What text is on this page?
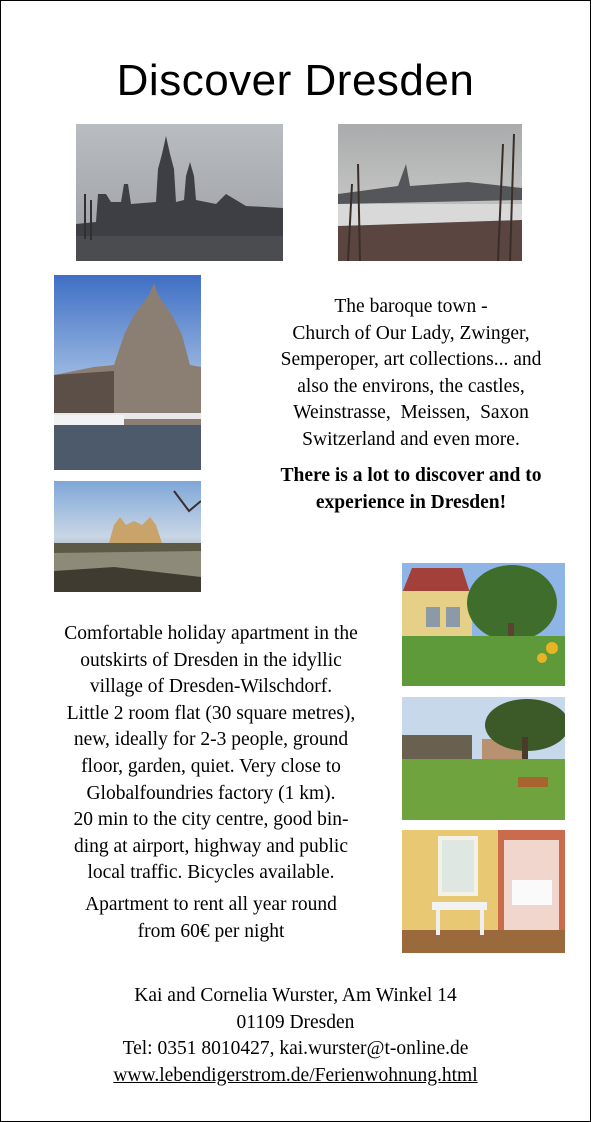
Discover Dresden
The baroque town -
Church of Our Lady, Zwinger,
Semperoper, art collections... and
also the environs, the castles,
Weinstrasse,  Meissen,  Saxon
Switzerland and even more.
There is a lot to discover and to
experience in Dresden!
Comfortable holiday apartment in the
outskirts of Dresden in the idyllic
village of Dresden-Wilschdorf.
Little 2 room flat (30 square metres),
new, ideally for 2-3 people, ground
floor, garden, quiet. Very close to
Globalfoundries factory (1 km).
20 min to the city centre, good bin-
ding at airport, highway and public
local traffic. Bicycles available.
Apartment to rent all year round
from 60€ per night
Kai and Cornelia Wurster, Am Winkel 14
01109 Dresden
Tel: 0351 8010427, kai.wurster@t-online.de
www.lebendigerstrom.de/Ferienwohnung.html
